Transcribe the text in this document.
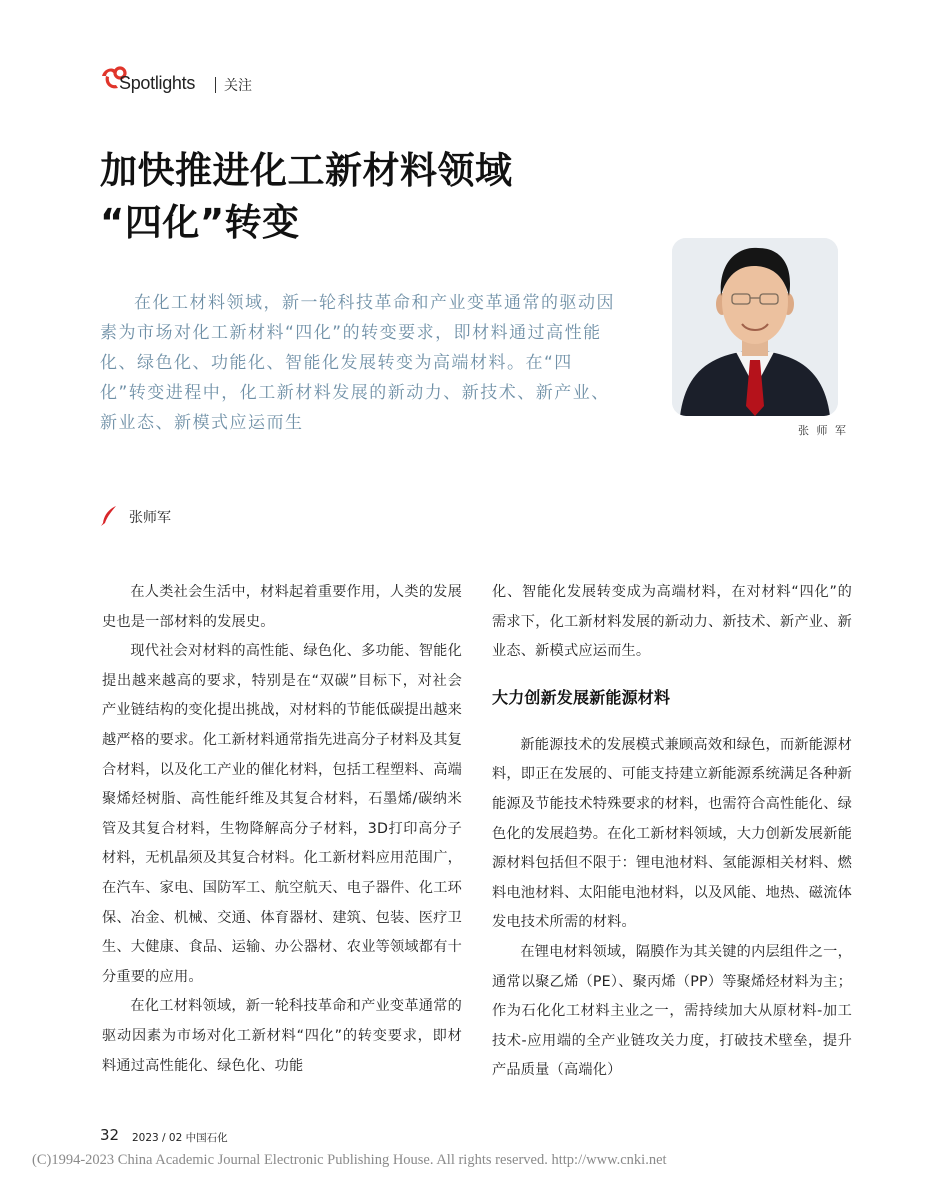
Spotlights 关注
加快推进化工新材料领域
“四化”转变

在化工材料领域，新一轮科技革命和产业变革通常的驱动因素为市场对化工新材料“四化”的转变要求，即材料通过高性能化、绿色化、功能化、智能化发展转变为高端材料。在“四化”转变进程中，化工新材料发展的新动力、新技术、新产业、新业态、新模式应运而生	张 师 军
张师军

在人类社会生活中，材料起着重要作用，人类的发展史也是一部材料的发展史。

现代社会对材料的高性能、绿色化、多功能、智能化提出越来越高的要求，特别是在“双碳”目标下，对社会产业链结构的变化提出挑战，对材料的节能低碳提出越来越严格的要求。化工新材料通常指先进高分子材料及其复合材料，以及化工产业的催化材料，包括工程塑料、高端聚烯烃树脂、高性能纤维及其复合材料，石墨烯/碳纳米管及其复合材料，生物降解高分子材料，3D打印高分子材料，无机晶须及其复合材料。化工新材料应用范围广，在汽车、家电、国防军工、航空航天、电子器件、化工环保、冶金、机械、交通、体育器材、建筑、包装、医疗卫生、大健康、食品、运输、办公器材、农业等领域都有十分重要的应用。

在化工材料领域，新一轮科技革命和产业变革通常的驱动因素为市场对化工新材料“四化”的转变要求，即材料通过高性能化、绿色化、功能

化、智能化发展转变成为高端材料，在对材料“四化”的需求下，化工新材料发展的新动力、新技术、新产业、新业态、新模式应运而生。

大力创新发展新能源材料

新能源技术的发展模式兼顾高效和绿色，而新能源材料，即正在发展的、可能支持建立新能源系统满足各种新能源及节能技术特殊要求的材料，也需符合高性能化、绿色化的发展趋势。在化工新材料领域，大力创新发展新能源材料包括但不限于：锂电池材料、氢能源相关材料、燃料电池材料、太阳能电池材料，以及风能、地热、磁流体发电技术所需的材料。

在锂电材料领域，隔膜作为其关键的内层组件之一，通常以聚乙烯（PE）、聚丙烯（PP）等聚烯烃材料为主；作为石化化工材料主业之一，需持续加大从原材料-加工技术-应用端的全产业链攻关力度，打破技术壁垒，提升产品质量（高端化）

32 2023 / 02 中国石化
(C)1994-2023 China Academic Journal Electronic Publishing House. All rights reserved. http://www.cnki.net
